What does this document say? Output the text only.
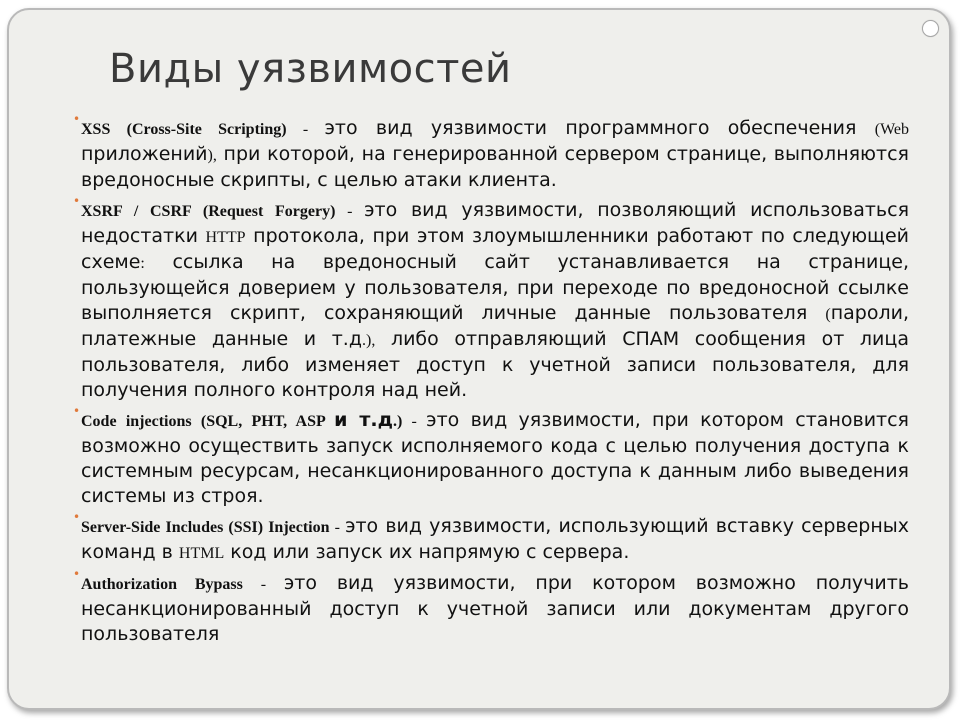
Виды уязвимостей
•
XSS (Cross-Site Scripting) - это вид уязвимости программного обеспечения (Web приложений), при которой, на генерированной сервером странице, выполняются вредоносные скрипты, с целью атаки клиента.
•
XSRF / CSRF (Request Forgery) - это вид уязвимости, позволяющий использоваться недостатки HTTP протокола, при этом злоумышленники работают по следующей схеме: ссылка на вредоносный сайт устанавливается на странице, пользующейся доверием у пользователя, при переходе по вредоносной ссылке выполняется скрипт, сохраняющий личные данные пользователя (пароли, платежные данные и т.д.), либо отправляющий СПАМ сообщения от лица пользователя, либо изменяет доступ к учетной записи пользователя, для получения полного контроля над ней.
•
Code injections (SQL, PHT, ASP и т.д.) - это вид уязвимости, при котором становится возможно осуществить запуск исполняемого кода с целью получения доступа к системным ресурсам, несанкционированного доступа к данным либо выведения системы из строя.
•
Server-Side Includes (SSI) Injection - это вид уязвимости, использующий вставку серверных команд в HTML код или запуск их напрямую с сервера.
•
Authorization Bypass - это вид уязвимости, при котором возможно получить несанкционированный доступ к учетной записи или документам другого пользователя
